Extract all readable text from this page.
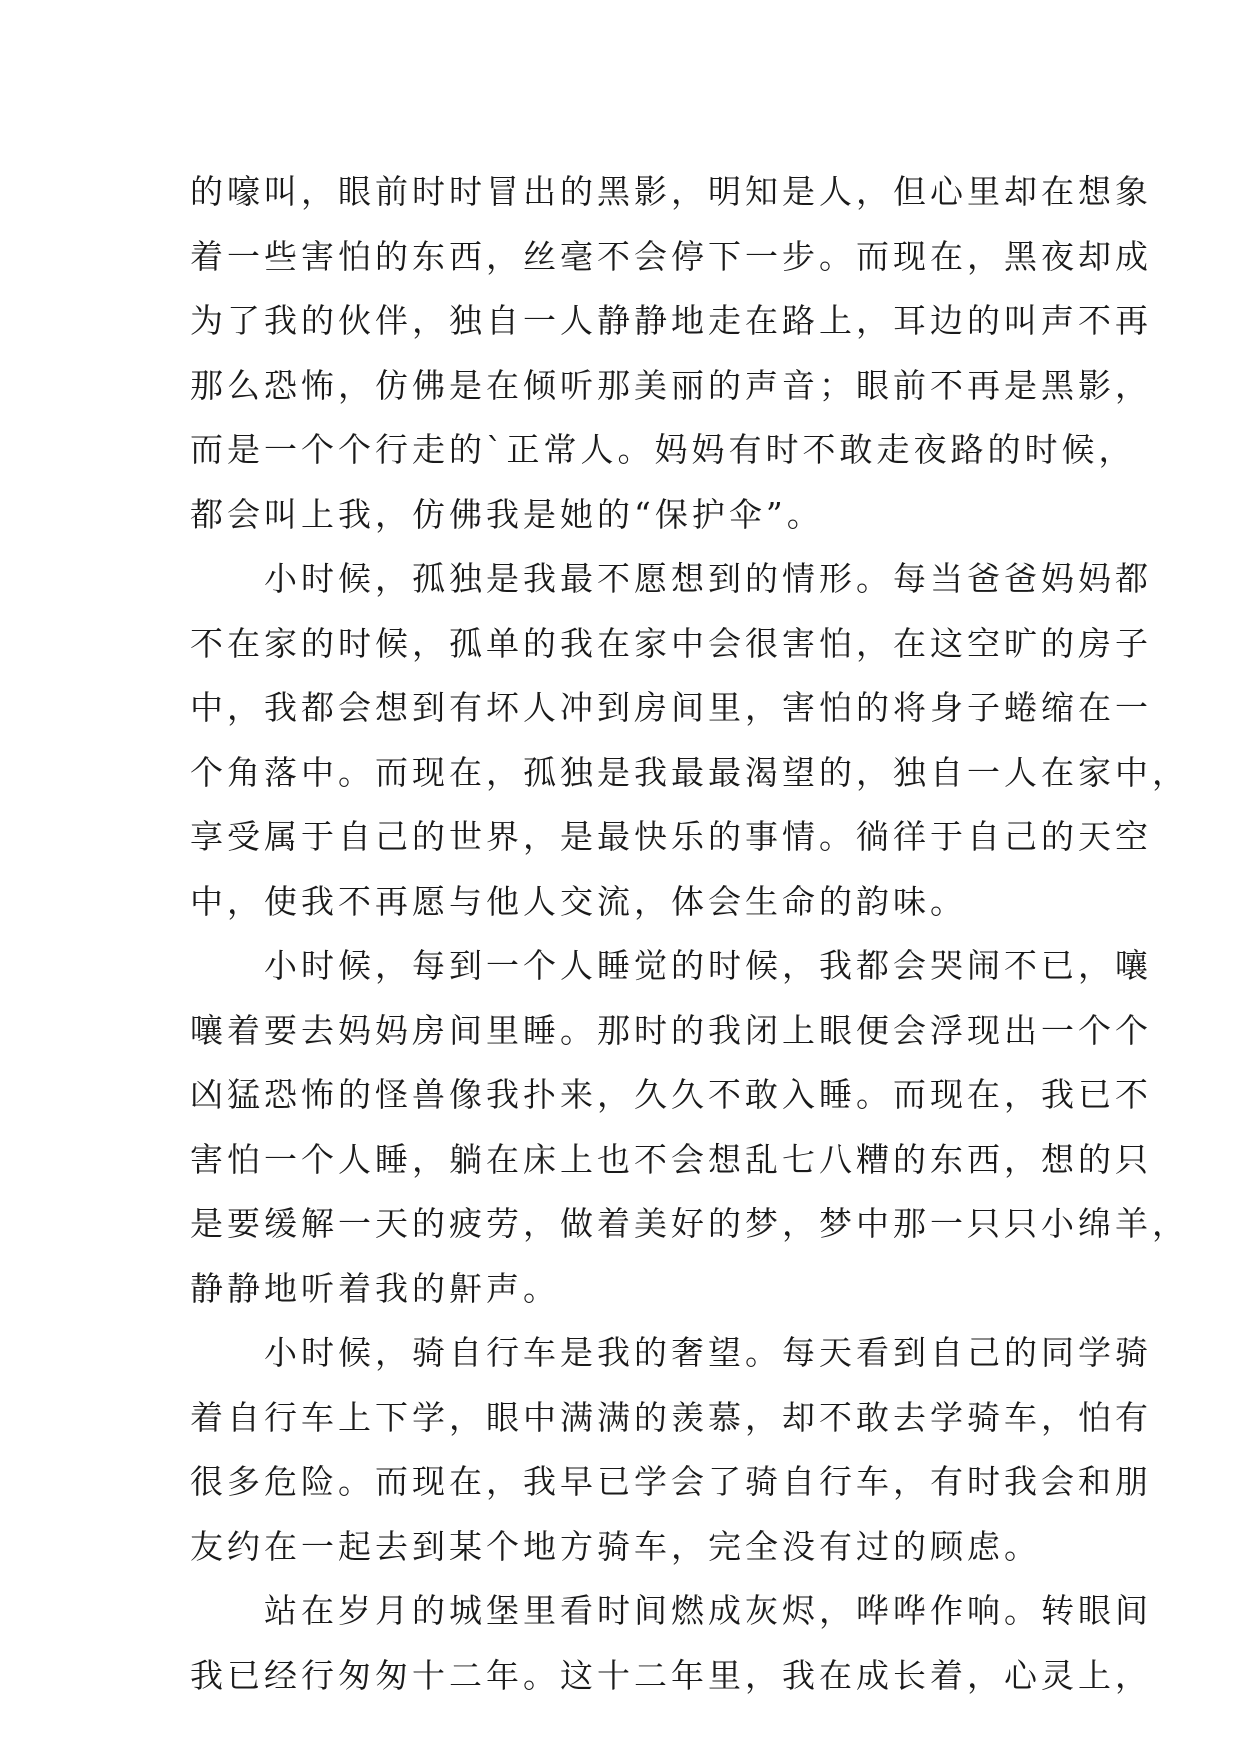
的嚎叫，眼前时时冒出的黑影，明知是人，但心里却在想象
着一些害怕的东西，丝毫不会停下一步。而现在，黑夜却成
为了我的伙伴，独自一人静静地走在路上，耳边的叫声不再
那么恐怖，仿佛是在倾听那美丽的声音；眼前不再是黑影，
而是一个个行走的`正常人。妈妈有时不敢走夜路的时候，
都会叫上我，仿佛我是她的“保护伞”。
　　小时候，孤独是我最不愿想到的情形。每当爸爸妈妈都
不在家的时候，孤单的我在家中会很害怕，在这空旷的房子
中，我都会想到有坏人冲到房间里，害怕的将身子蜷缩在一
个角落中。而现在，孤独是我最最渴望的，独自一人在家中，
享受属于自己的世界，是最快乐的事情。徜徉于自己的天空
中，使我不再愿与他人交流，体会生命的韵味。
　　小时候，每到一个人睡觉的时候，我都会哭闹不已，嚷
嚷着要去妈妈房间里睡。那时的我闭上眼便会浮现出一个个
凶猛恐怖的怪兽像我扑来，久久不敢入睡。而现在，我已不
害怕一个人睡，躺在床上也不会想乱七八糟的东西，想的只
是要缓解一天的疲劳，做着美好的梦，梦中那一只只小绵羊，
静静地听着我的鼾声。
　　小时候，骑自行车是我的奢望。每天看到自己的同学骑
着自行车上下学，眼中满满的羡慕，却不敢去学骑车，怕有
很多危险。而现在，我早已学会了骑自行车，有时我会和朋
友约在一起去到某个地方骑车，完全没有过的顾虑。
　　站在岁月的城堡里看时间燃成灰烬，哗哗作响。转眼间
我已经行匆匆十二年。这十二年里，我在成长着，心灵上，
